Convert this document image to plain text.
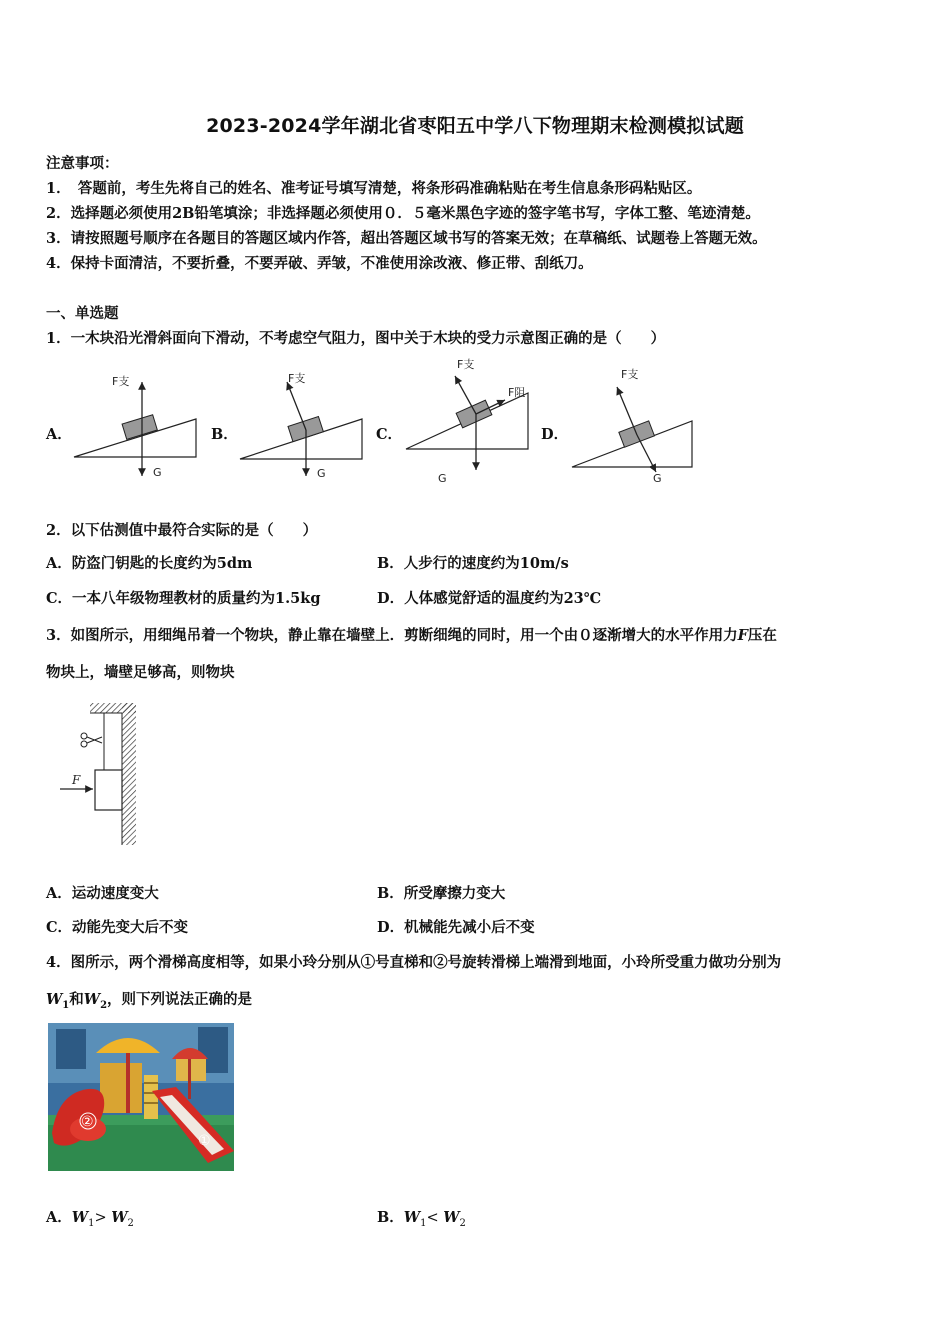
2023-2024学年湖北省枣阳五中学八下物理期末检测模拟试题
注意事项：
1．　答题前，考生先将自己的姓名、准考证号填写清楚，将条形码准确粘贴在考生信息条形码粘贴区。
2．选择题必须使用2B铅笔填涂；非选择题必须使用０．５毫米黑色字迹的签字笔书写，字体工整、笔迹清楚。
3．请按照题号顺序在各题目的答题区域内作答，超出答题区域书写的答案无效；在草稿纸、试题卷上答题无效。
4．保持卡面清洁，不要折叠，不要弄破、弄皱，不准使用涂改液、修正带、刮纸刀。
一、单选题
1．一木块沿光滑斜面向下滑动，不考虑空气阻力，图中关于木块的受力示意图正确的是（　　）
A．	B．	C．	D．
F支
G
F支
G
F支
F阻
G
F支
G
2．以下估测值中最符合实际的是（　　）
A．防盗门钥匙的长度约为5dm	B．人步行的速度约为10m/s
C．一本八年级物理教材的质量约为1.5kg	D．人体感觉舒适的温度约为23℃
3．如图所示，用细绳吊着一个物块，静止靠在墙壁上．剪断细绳的同时，用一个由０逐渐增大的水平作用力F压在
物块上，墙壁足够高，则物块
F
A．运动速度变大	B．所受摩擦力变大
C．动能先变大后不变	D．机械能先减小后不变
4．图所示，两个滑梯高度相等，如果小玲分别从①号直梯和②号旋转滑梯上端滑到地面，小玲所受重力做功分别为
$W_1$和$W_2$，则下列说法正确的是
②
①
A．$W_1> W_2$	B．$W_1< W_2$
